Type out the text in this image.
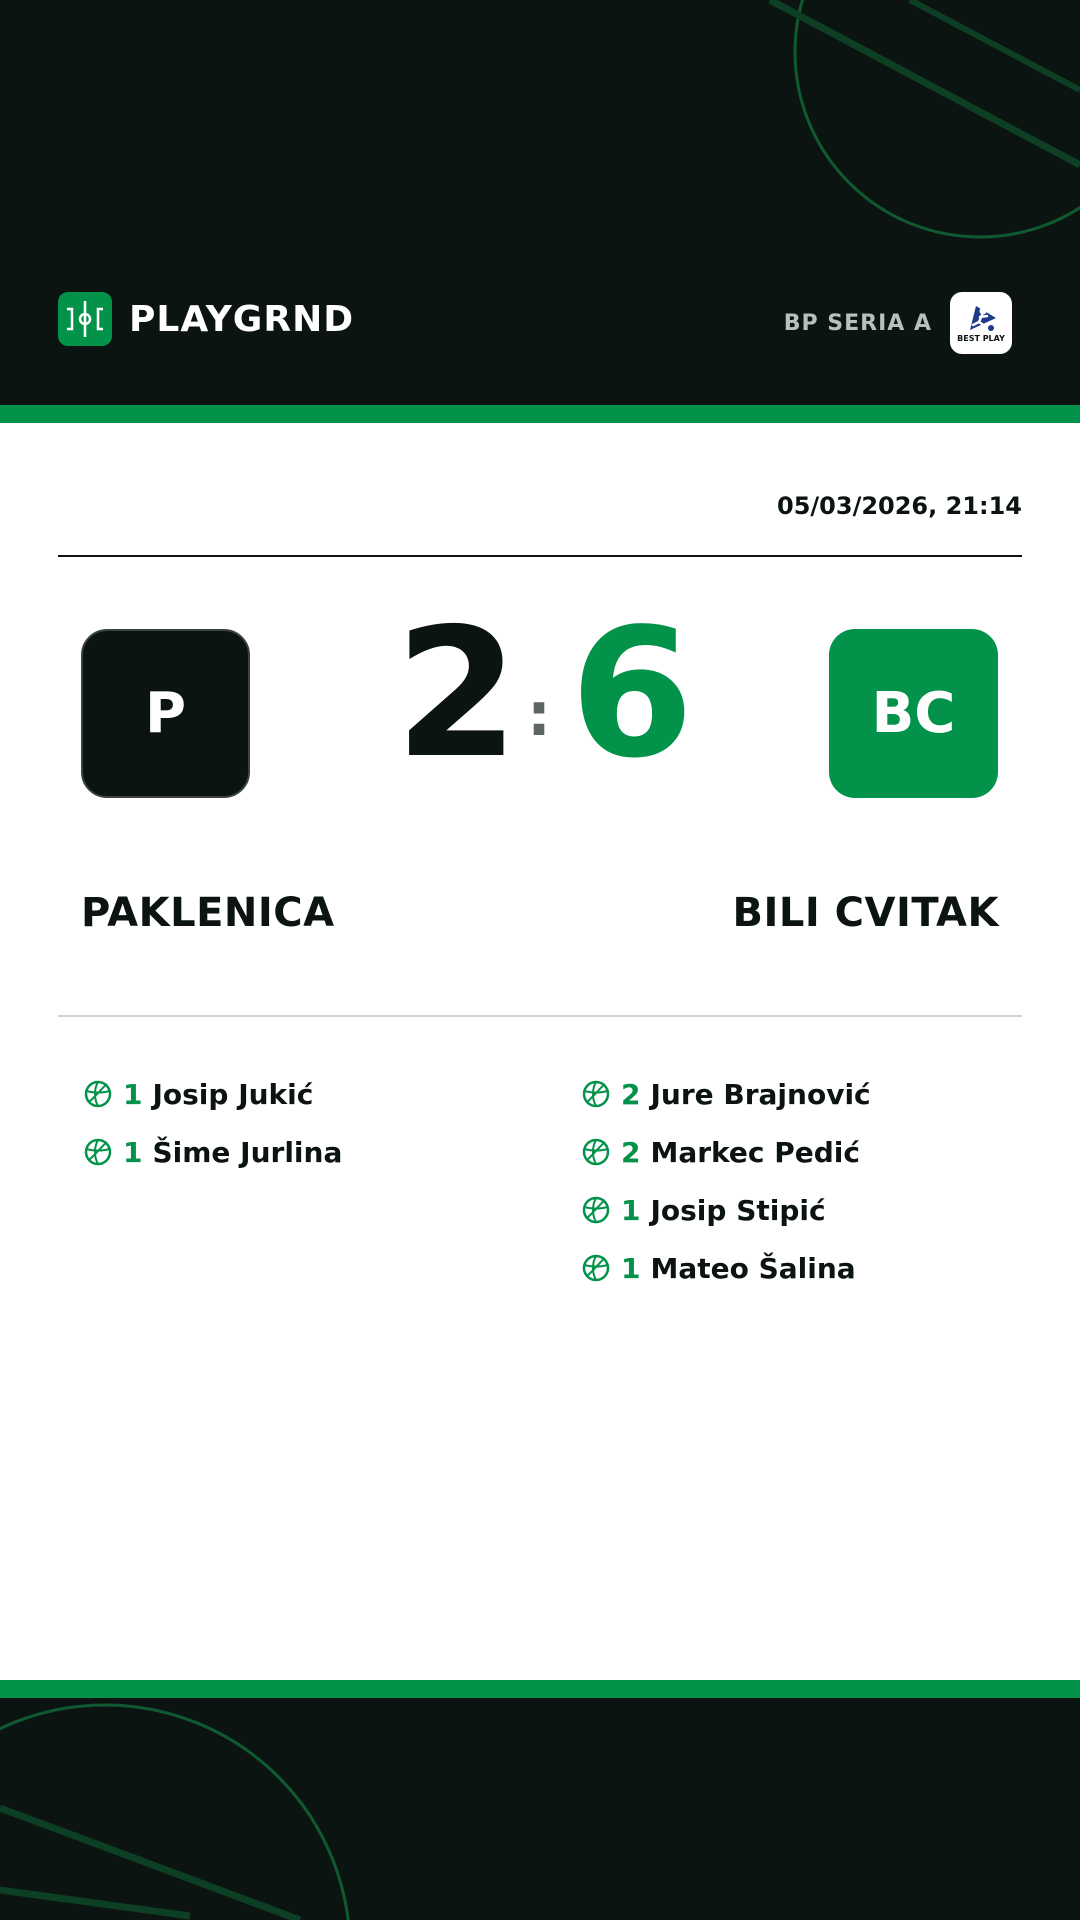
PLAYGRND	BP SERIA A
BEST PLAY
05/03/2026, 21:14
P	2 : 6	BC
PAKLENICA	BILI CVITAK
1 Josip Jukić
1 Šime Jurlina
2 Jure Brajnović
2 Markec Pedić
1 Josip Stipić
1 Mateo Šalina
